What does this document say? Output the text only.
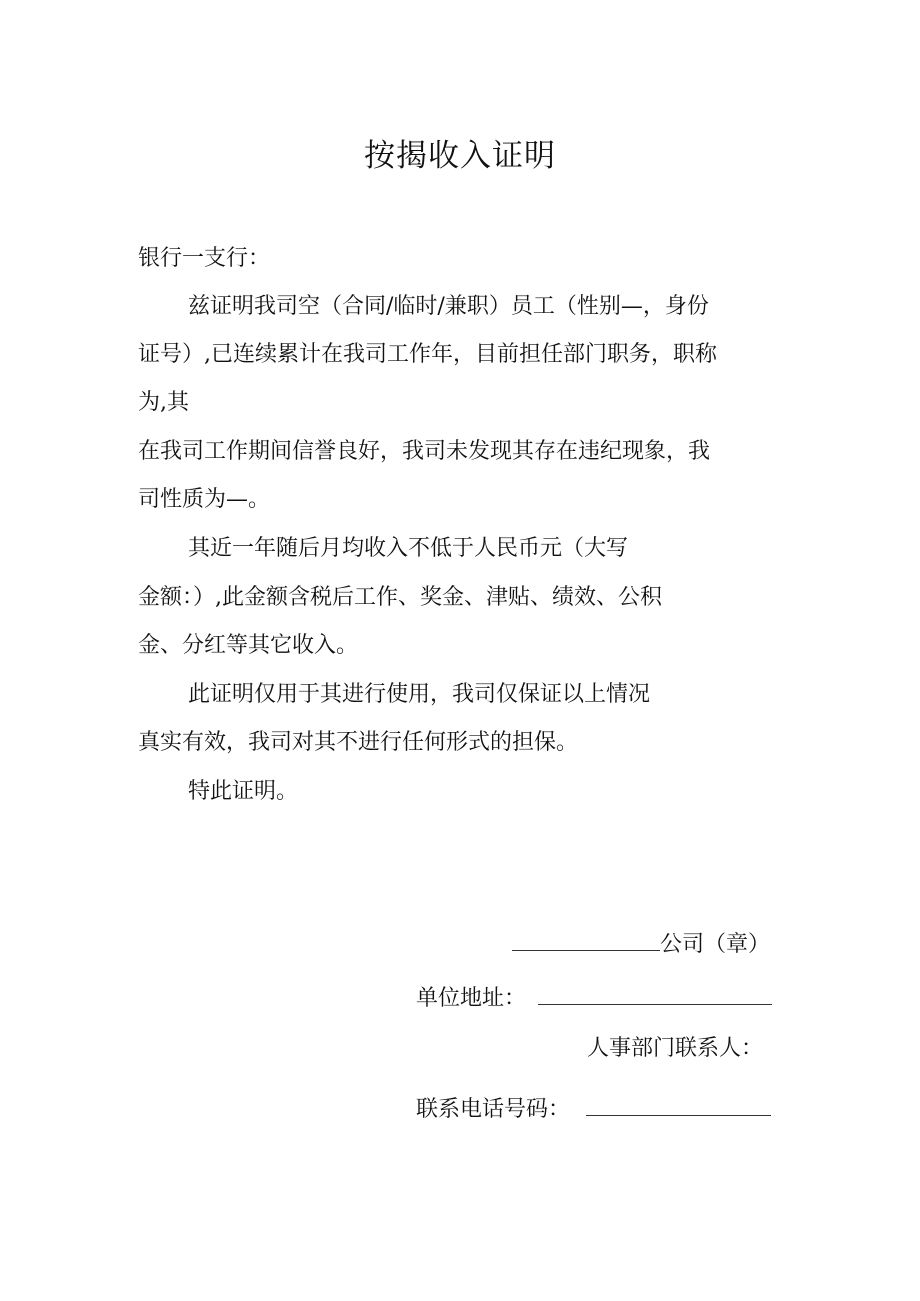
按揭收入证明

银行一支行：

兹证明我司空（合同/临时/兼职）员工（性别—，身份

证号）,已连续累计在我司工作年，目前担任部门职务，职称

为,其

在我司工作期间信誉良好，我司未发现其存在违纪现象，我

司性质为—。

其近一年随后月均收入不低于人民币元（大写

金额：）,此金额含税后工作、奖金、津贴、绩效、公积

金、分红等其它收入。

此证明仅用于其进行使用，我司仅保证以上情况

真实有效，我司对其不进行任何形式的担保。

特此证明。

公司（章）
单位地址：
人事部门联系人：
联系电话号码：
